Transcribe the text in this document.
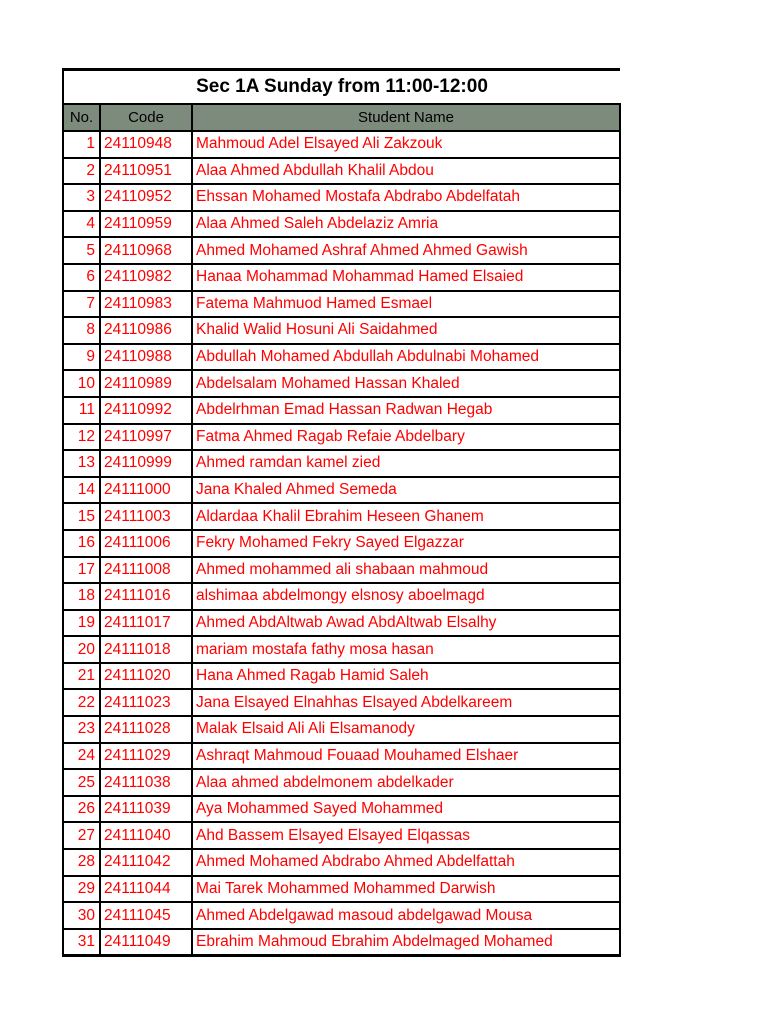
Sec 1A Sunday from 11:00-12:00		
No.	Code	Student Name
1	24110948	Mahmoud Adel Elsayed Ali Zakzouk
2	24110951	Alaa Ahmed Abdullah Khalil Abdou
3	24110952	Ehssan Mohamed Mostafa Abdrabo Abdelfatah
4	24110959	Alaa Ahmed Saleh Abdelaziz Amria
5	24110968	Ahmed Mohamed Ashraf Ahmed Ahmed Gawish
6	24110982	Hanaa Mohammad Mohammad Hamed Elsaied
7	24110983	Fatema Mahmuod Hamed Esmael
8	24110986	Khalid Walid Hosuni Ali Saidahmed
9	24110988	Abdullah Mohamed Abdullah Abdulnabi Mohamed
10	24110989	Abdelsalam Mohamed Hassan Khaled
11	24110992	Abdelrhman Emad Hassan Radwan Hegab
12	24110997	Fatma Ahmed Ragab Refaie Abdelbary
13	24110999	Ahmed ramdan kamel zied
14	24111000	Jana Khaled Ahmed Semeda
15	24111003	Aldardaa Khalil Ebrahim Heseen Ghanem
16	24111006	Fekry Mohamed Fekry Sayed Elgazzar
17	24111008	Ahmed mohammed ali shabaan mahmoud
18	24111016	alshimaa abdelmongy elsnosy aboelmagd
19	24111017	Ahmed AbdAltwab Awad AbdAltwab Elsalhy
20	24111018	mariam mostafa fathy mosa hasan
21	24111020	Hana Ahmed Ragab Hamid Saleh
22	24111023	Jana Elsayed Elnahhas Elsayed Abdelkareem
23	24111028	Malak Elsaid Ali Ali Elsamanody
24	24111029	Ashraqt Mahmoud Fouaad Mouhamed Elshaer
25	24111038	Alaa ahmed abdelmonem abdelkader
26	24111039	Aya Mohammed Sayed Mohammed
27	24111040	Ahd Bassem Elsayed Elsayed Elqassas
28	24111042	Ahmed Mohamed Abdrabo Ahmed Abdelfattah
29	24111044	Mai Tarek Mohammed Mohammed Darwish
30	24111045	Ahmed Abdelgawad masoud abdelgawad Mousa
31	24111049	Ebrahim Mahmoud Ebrahim Abdelmaged Mohamed
